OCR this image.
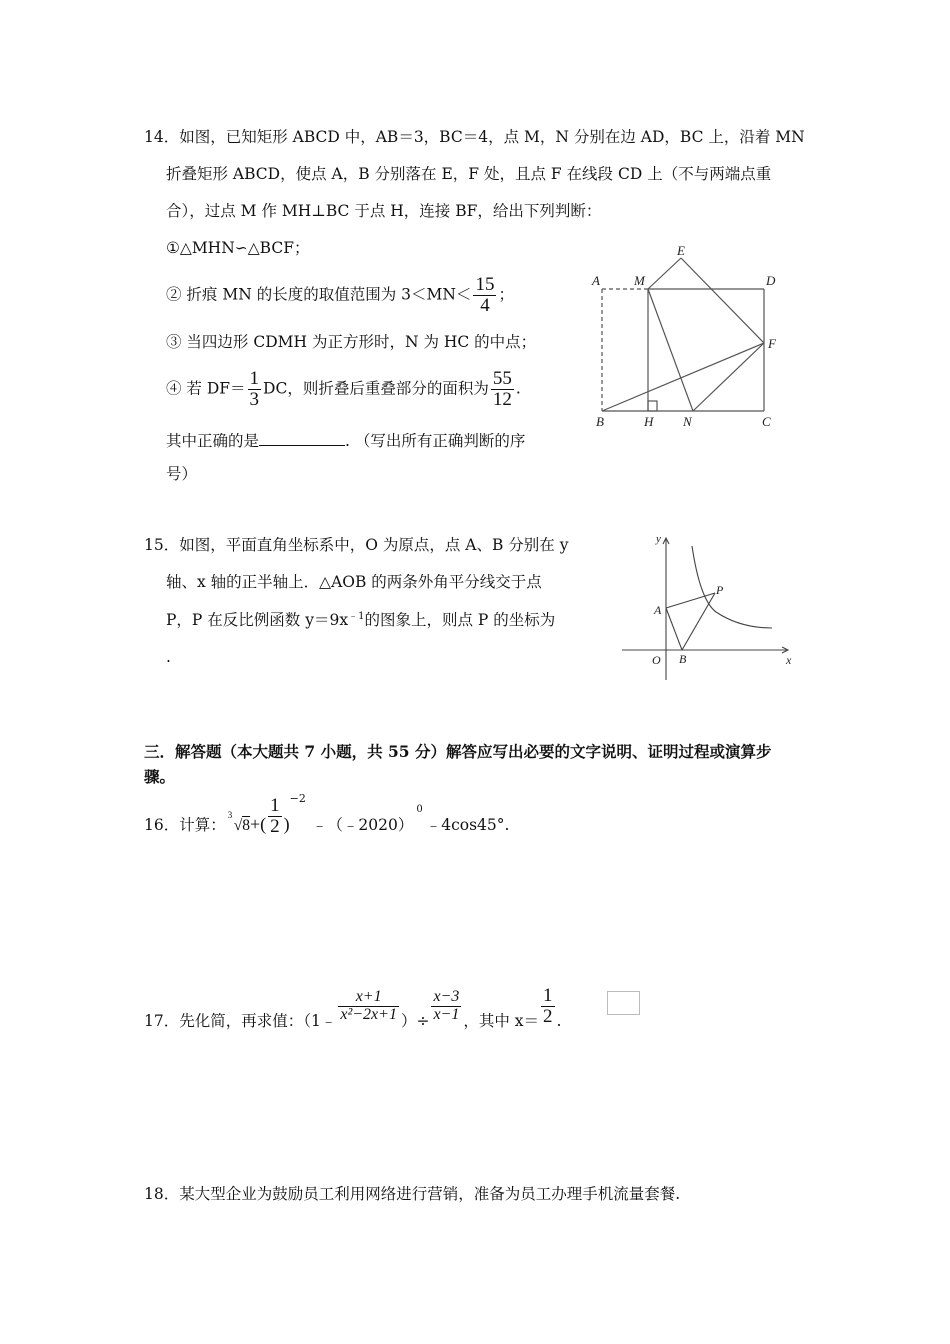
14．如图，已知矩形 ABCD 中，AB＝3，BC＝4，点 M，N 分别在边 AD，BC 上，沿着 MN
折叠矩形 ABCD，使点 A，B 分别落在 E，F 处，且点 F 在线段 CD 上（不与两端点重
合），过点 M 作 MH⊥BC 于点 H，连接 BF，给出下列判断：
①△MHN∽△BCF；
② 折痕 MN 的长度的取值范围为 $3<MN< \frac{15}{4}$ ；
③ 当四边形 CDMH 为正方形时，N 为 HC 的中点；
④ 若 $DF= \frac{1}{3}$ DC，则折叠后重叠部分的面积为 $\frac{55}{12}$ .
其中正确的是	. （写出所有正确判断的序
号）
A	M
E
D
F
B	H N	C
15．如图，平面直角坐标系中，O 为原点，点 A、B 分别在 y
轴、x 轴的正半轴上．△AOB 的两条外角平分线交于点
P，P 在反比例函数 $y=9x^{﹣1}$的图象上，则点 P 的坐标为
.
y
x
O
A
B
P
三．解答题（本大题共 7 小题，共 55 分）解答应写出必要的文字说明、证明过程或演算步
骤。
16．计算：
3
$√8+( \frac{1}{2}$ )$^{-2}﹣(﹣2020)^0﹣4\cos 45^\circ$.
17．先化简，再求值：（1﹣ $\frac{x+1}{\text{x²−2x+1}}$ ）÷ $\frac{x-3}{x-1}$ ，其中 $x= \frac{1}{2}$ .
18．某大型企业为鼓励员工利用网络进行营销，准备为员工办理手机流量套餐.
